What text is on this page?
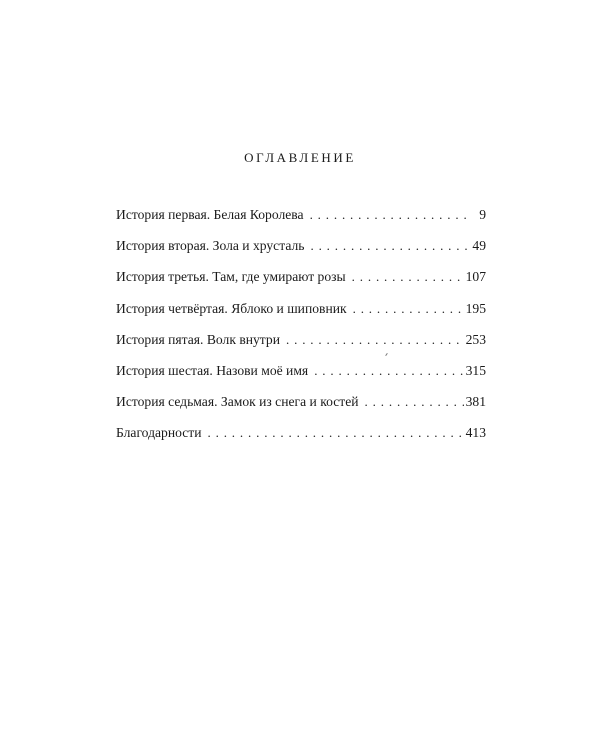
оглавление
История первая. Белая Королева . . .	9
История вторая. Зола и хрусталь . . .	49
История третья. Там, где умирают розы . . .	107
История четвёртая. Яблоко и шиповник . . .	195
История пятая. Волк внутри . . .	253
История шестая. Назови моё имя . . .	315
История седьмая. Замок из снега и костей . . .	381
Благодарности . . .	413
